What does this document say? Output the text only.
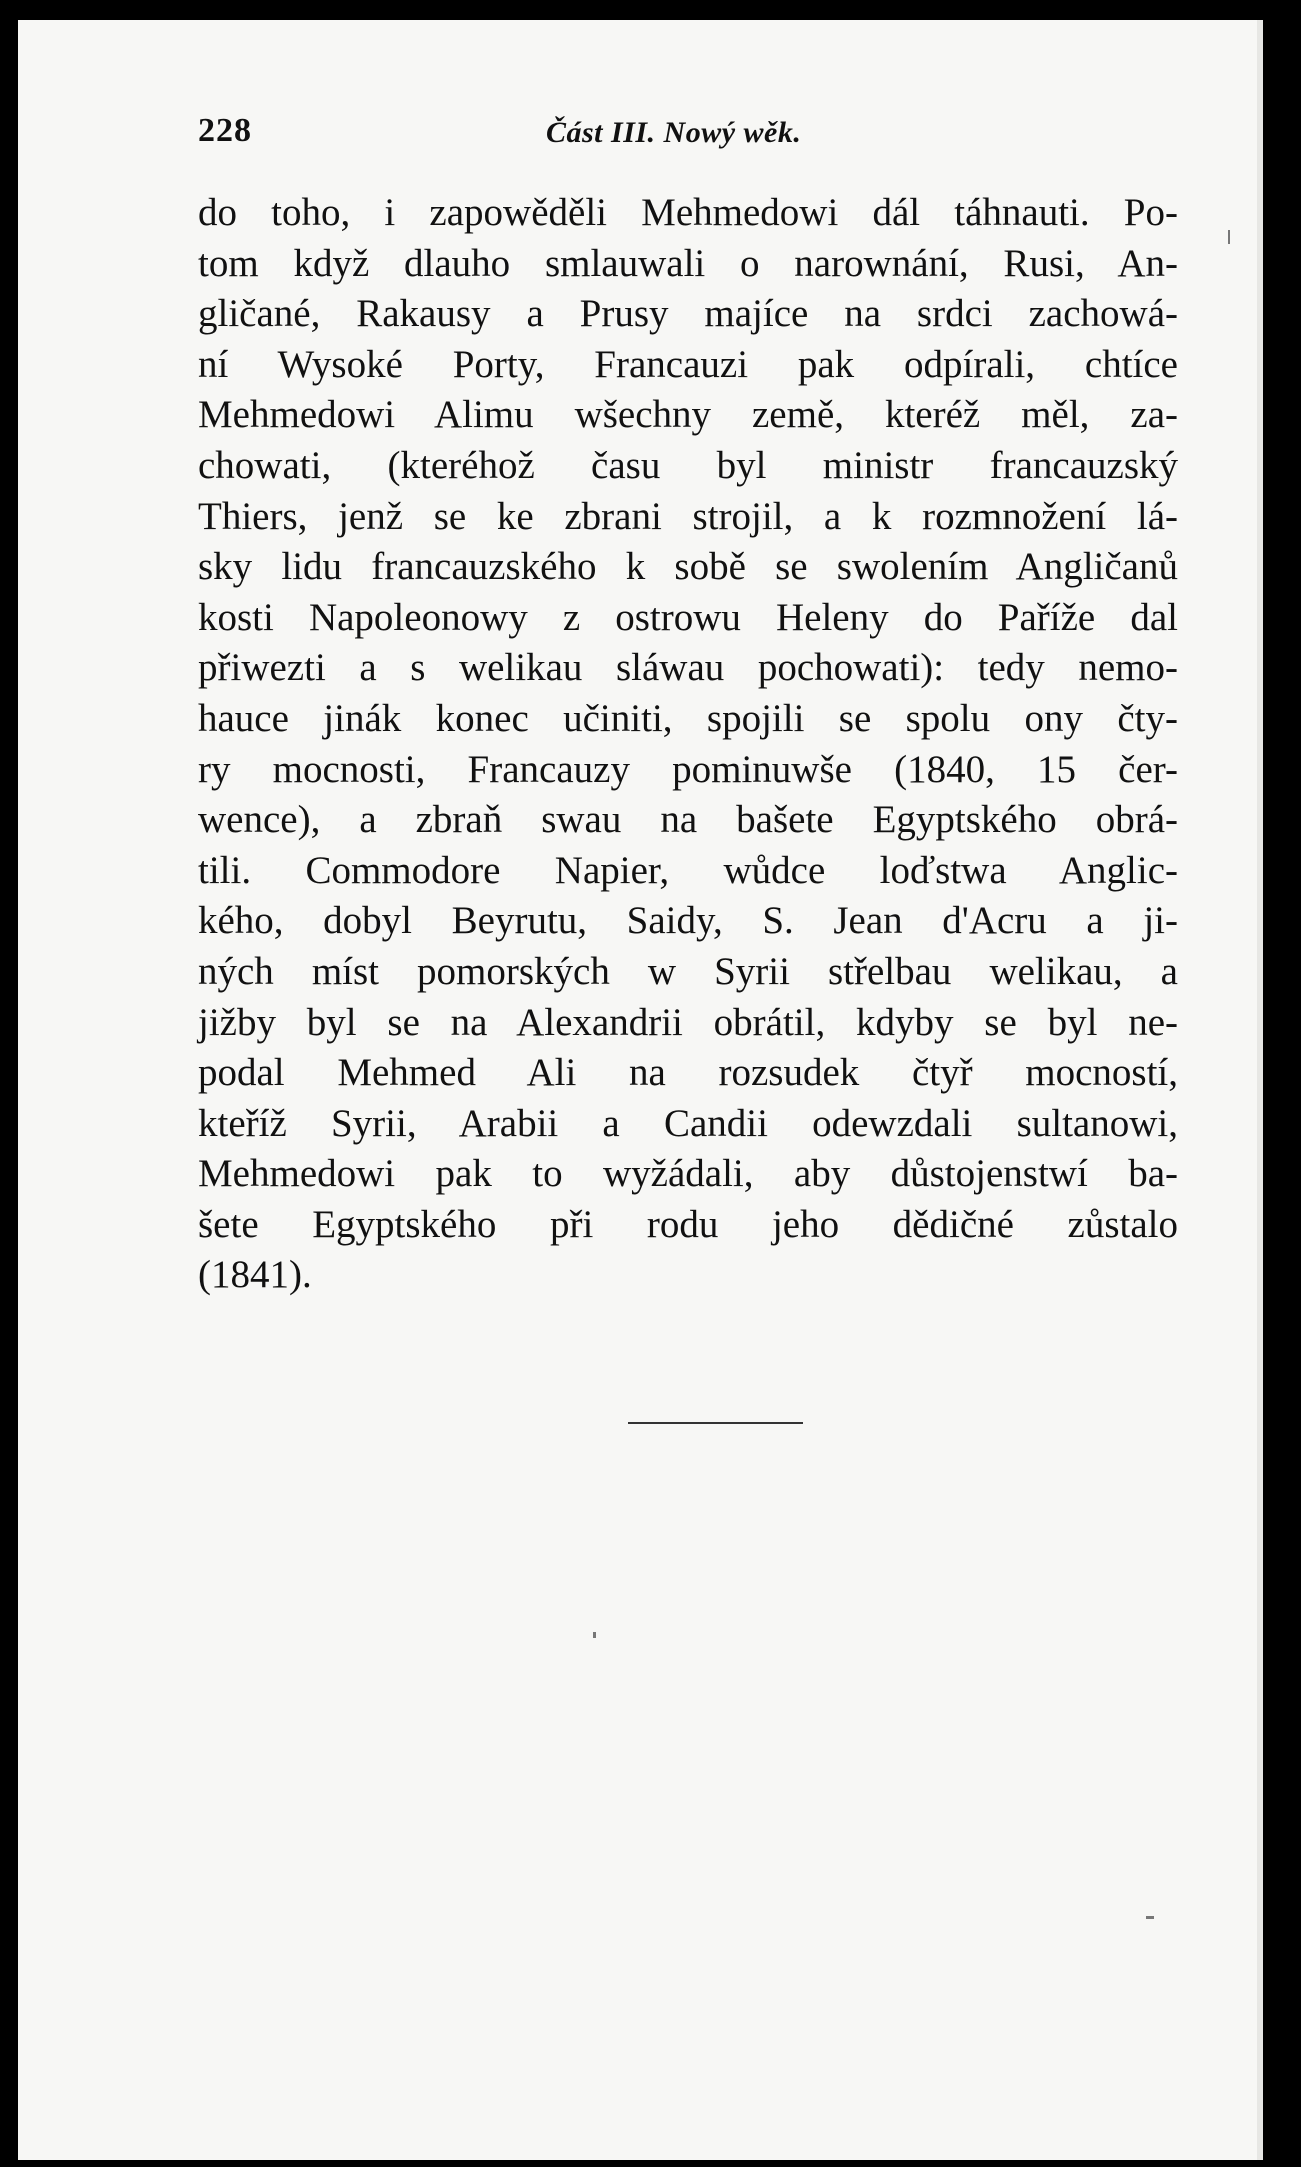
228	Část III. Nowý wěk.
do toho, i zapowěděli Mehmedowi dál táhnauti. Po-
tom když dlauho smlauwali o narownání, Rusi, An-
gličané, Rakausy a Prusy majíce na srdci zachowá-
ní Wysoké Porty, Francauzi pak odpírali, chtíce
Mehmedowi Alimu wšechny země, kteréž měl, za-
chowati, (kteréhož času byl ministr francauzský
Thiers, jenž se ke zbrani strojil, a k rozmnožení lá-
sky lidu francauzského k sobě se swolením Angličanů
kosti Napoleonowy z ostrowu Heleny do Paříže dal
přiwezti a s welikau sláwau pochowati): tedy nemo-
hauce jinák konec učiniti, spojili se spolu ony čty-
ry mocnosti, Francauzy pominuwše (1840, 15 čer-
wence), a zbraň swau na bašete Egyptského obrá-
tili. Commodore Napier, wůdce loďstwa Anglic-
kého, dobyl Beyrutu, Saidy, S. Jean d'Acru a ji-
ných míst pomorských w Syrii střelbau welikau, a
jižby byl se na Alexandrii obrátil, kdyby se byl ne-
podal Mehmed Ali na rozsudek čtyř mocností,
kteříž Syrii, Arabii a Candii odewzdali sultanowi,
Mehmedowi pak to wyžádali, aby důstojenstwí ba-
šete Egyptského při rodu jeho dědičné zůstalo
(1841).
